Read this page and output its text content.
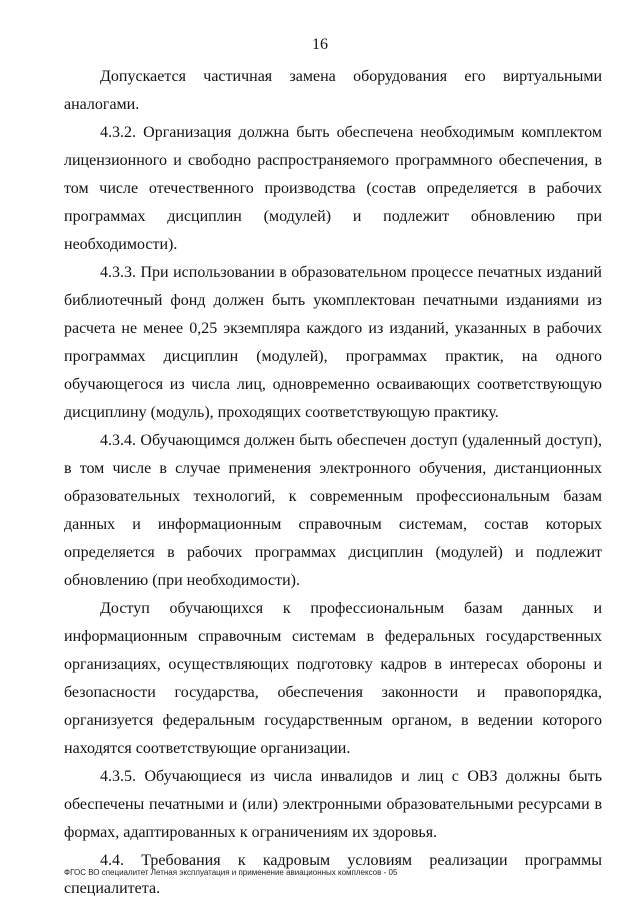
16

Допускается частичная замена оборудования его виртуальными аналогами.

4.3.2. Организация должна быть обеспечена необходимым комплектом лицензионного и свободно распространяемого программного обеспечения, в том числе отечественного производства (состав определяется в рабочих программах дисциплин (модулей) и подлежит обновлению при необходимости).

4.3.3. При использовании в образовательном процессе печатных изданий библиотечный фонд должен быть укомплектован печатными изданиями из расчета не менее 0,25 экземпляра каждого из изданий, указанных в рабочих программах дисциплин (модулей), программах практик, на одного обучающегося из числа лиц, одновременно осваивающих соответствующую дисциплину (модуль), проходящих соответствующую практику.

4.3.4. Обучающимся должен быть обеспечен доступ (удаленный доступ), в том числе в случае применения электронного обучения, дистанционных образовательных технологий, к современным профессиональным базам данных и информационным справочным системам, состав которых определяется в рабочих программах дисциплин (модулей) и подлежит обновлению (при необходимости).

Доступ обучающихся к профессиональным базам данных и информационным справочным системам в федеральных государственных организациях, осуществляющих подготовку кадров в интересах обороны и безопасности государства, обеспечения законности и правопорядка, организуется федеральным государственным органом, в ведении которого находятся соответствующие организации.

4.3.5. Обучающиеся из числа инвалидов и лиц с ОВЗ должны быть обеспечены печатными и (или) электронными образовательными ресурсами в формах, адаптированных к ограничениям их здоровья.

4.4. Требования к кадровым условиям реализации программы специалитета.

ФГОС ВО специалитет Летная эксплуатация и применение авиационных комплексов - 05
